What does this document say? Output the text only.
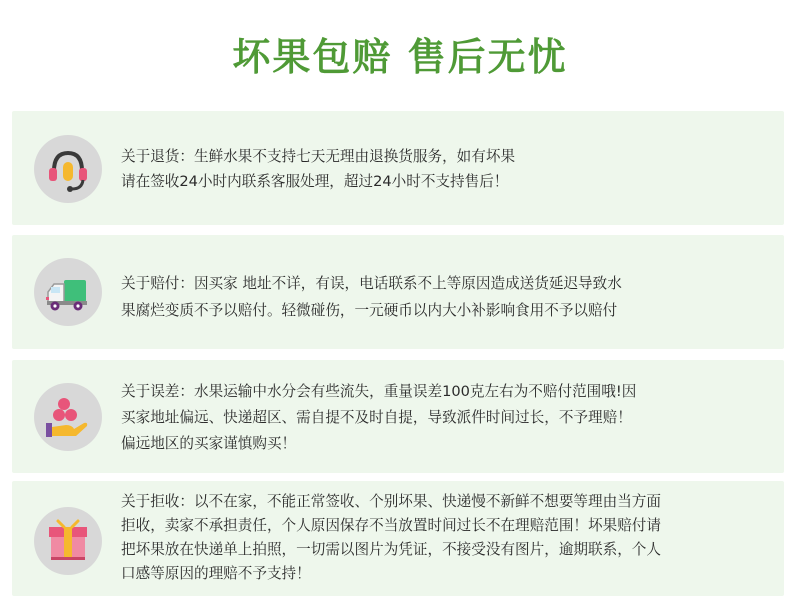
坏果包赔 售后无忧
关于退货：生鲜水果不支持七天无理由退换货服务，如有坏果
请在签收24小时内联系客服处理，超过24小时不支持售后！
关于赔付：因买家 地址不详，有误，电话联系不上等原因造成送货延迟导致水
果腐烂变质不予以赔付。轻微碰伤，一元硬币以内大小补影响食用不予以赔付
关于误差：水果运输中水分会有些流失，重量误差100克左右为不赔付范围哦!因
买家地址偏远、快递超区、需自提不及时自提，导致派件时间过长，不予理赔！
偏远地区的买家谨慎购买！
关于拒收：以不在家，不能正常签收、个别坏果、快递慢不新鲜不想要等理由当方面
拒收，卖家不承担责任，个人原因保存不当放置时间过长不在理赔范围！坏果赔付请
把坏果放在快递单上拍照，一切需以图片为凭证，不接受没有图片，逾期联系，个人
口感等原因的理赔不予支持！
